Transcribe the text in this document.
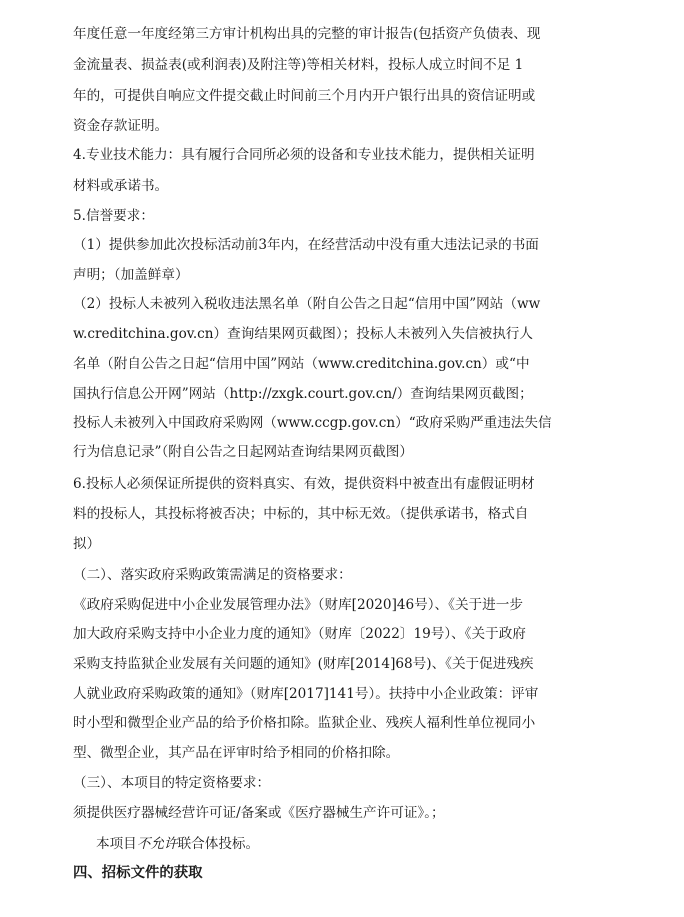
年度任意一年度经第三方审计机构出具的完整的审计报告(包括资产负债表、现
金流量表、损益表(或利润表)及附注等)等相关材料，投标人成立时间不足 1
年的，可提供自响应文件提交截止时间前三个月内开户银行出具的资信证明或
资金存款证明。
4.专业技术能力：具有履行合同所必须的设备和专业技术能力，提供相关证明
材料或承诺书。
5.信誉要求：
（1）提供参加此次投标活动前3年内，在经营活动中没有重大违法记录的书面
声明；（加盖鲜章）
（2）投标人未被列入税收违法黑名单（附自公告之日起“信用中国”网站（ww
w.creditchina.gov.cn）查询结果网页截图）；投标人未被列入失信被执行人
名单（附自公告之日起“信用中国”网站（www.creditchina.gov.cn）或“中
国执行信息公开网”网站（http://zxgk.court.gov.cn/）查询结果网页截图；
投标人未被列入中国政府采购网（www.ccgp.gov.cn）“政府采购严重违法失信
行为信息记录”（附自公告之日起网站查询结果网页截图）
6.投标人必须保证所提供的资料真实、有效，提供资料中被查出有虚假证明材
料的投标人，其投标将被否决；中标的，其中标无效。（提供承诺书，格式自
拟）
（二）、落实政府采购政策需满足的资格要求：
《政府采购促进中小企业发展管理办法》（财库[2020]46号）、《关于进一步
加大政府采购支持中小企业力度的通知》（财库〔2022〕19号）、《关于政府
采购支持监狱企业发展有关问题的通知》(财库[2014]68号)、《关于促进残疾
人就业政府采购政策的通知》（财库[2017]141号）。扶持中小企业政策：评审
时小型和微型企业产品的给予价格扣除。监狱企业、残疾人福利性单位视同小
型、微型企业，其产品在评审时给予相同的价格扣除。
（三）、本项目的特定资格要求：
须提供医疗器械经营许可证/备案或《医疗器械生产许可证》。；
本项目不允许联合体投标。
四、招标文件的获取
